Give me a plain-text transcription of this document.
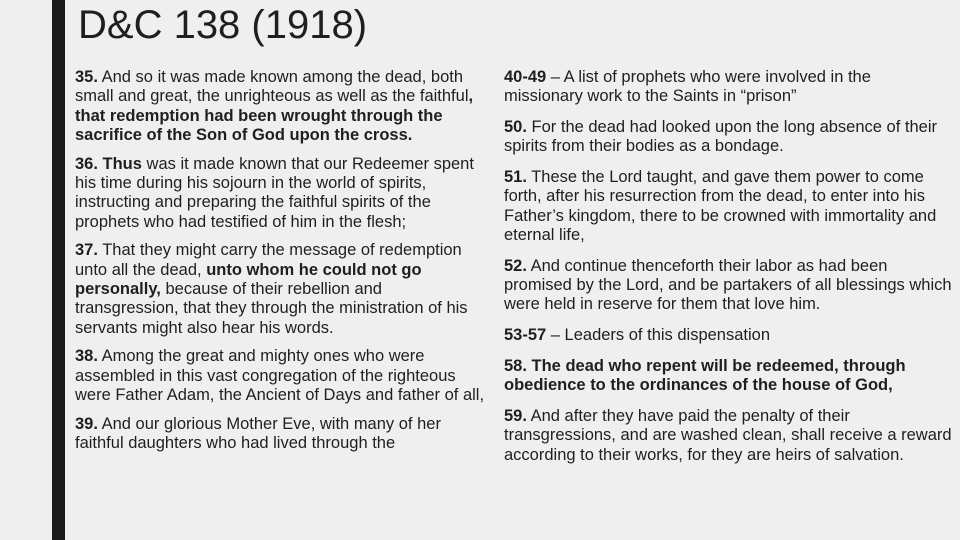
D&C 138 (1918)

35. And so it was made known among the dead, both small and great, the unrighteous as well as the faithful, that redemption had been wrought through the sacrifice of the Son of God upon the cross.

36. Thus was it made known that our Redeemer spent his time during his sojourn in the world of spirits, instructing and preparing the faithful spirits of the prophets who had testified of him in the flesh;

37. That they might carry the message of redemption unto all the dead, unto whom he could not go personally, because of their rebellion and transgression, that they through the ministration of his servants might also hear his words.

38. Among the great and mighty ones who were assembled in this vast congregation of the righteous were Father Adam, the Ancient of Days and father of all,

39. And our glorious Mother Eve, with many of her faithful daughters who had lived through the

40-49 – A list of prophets who were involved in the missionary work to the Saints in “prison”

50. For the dead had looked upon the long absence of their spirits from their bodies as a bondage.

51. These the Lord taught, and gave them power to come forth, after his resurrection from the dead, to enter into his Father’s kingdom, there to be crowned with immortality and eternal life,

52. And continue thenceforth their labor as had been promised by the Lord, and be partakers of all blessings which were held in reserve for them that love him.

53-57 – Leaders of this dispensation

58. The dead who repent will be redeemed, through obedience to the ordinances of the house of God,

59. And after they have paid the penalty of their transgressions, and are washed clean, shall receive a reward according to their works, for they are heirs of salvation.
